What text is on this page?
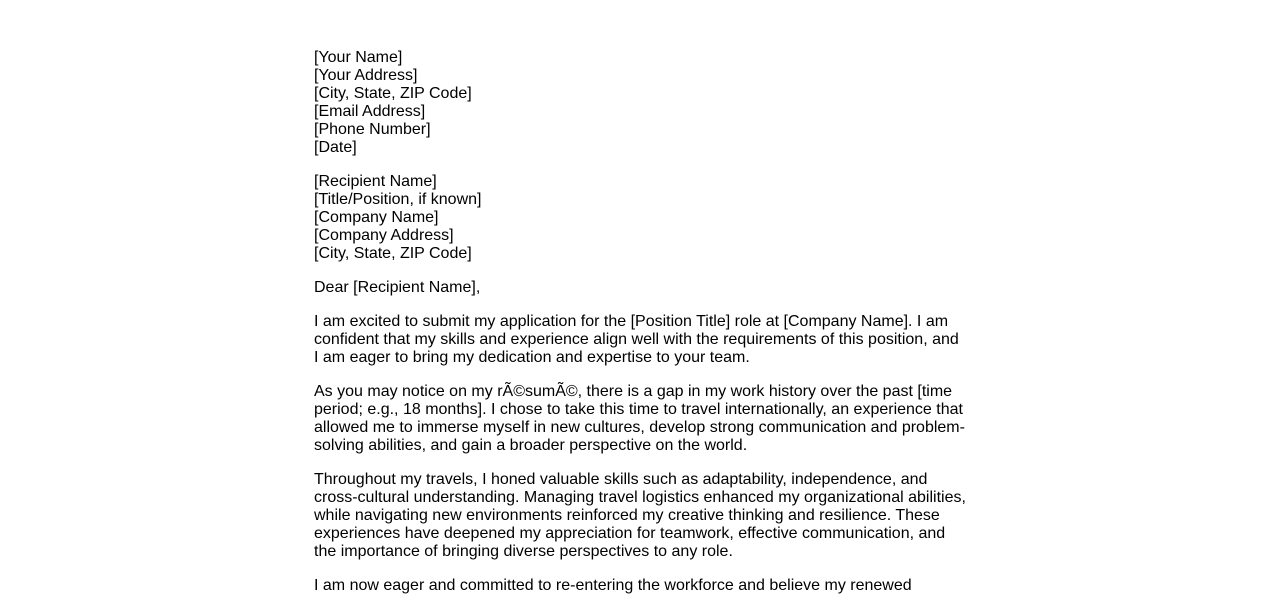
[Your Name]
[Your Address]
[City, State, ZIP Code]
[Email Address]
[Phone Number]
[Date]
[Recipient Name]
[Title/Position, if known]
[Company Name]
[Company Address]
[City, State, ZIP Code]

Dear [Recipient Name],

I am excited to submit my application for the [Position Title] role at [Company Name]. I am confident that my skills and experience align well with the requirements of this position, and I am eager to bring my dedication and expertise to your team.

As you may notice on my rÃ©sumÃ©, there is a gap in my work history over the past [time period; e.g., 18 months]. I chose to take this time to travel internationally, an experience that allowed me to immerse myself in new cultures, develop strong communication and problem-solving abilities, and gain a broader perspective on the world.

Throughout my travels, I honed valuable skills such as adaptability, independence, and cross-cultural understanding. Managing travel logistics enhanced my organizational abilities, while navigating new environments reinforced my creative thinking and resilience. These experiences have deepened my appreciation for teamwork, effective communication, and the importance of bringing diverse perspectives to any role.

I am now eager and committed to re-entering the workforce and believe my renewed
